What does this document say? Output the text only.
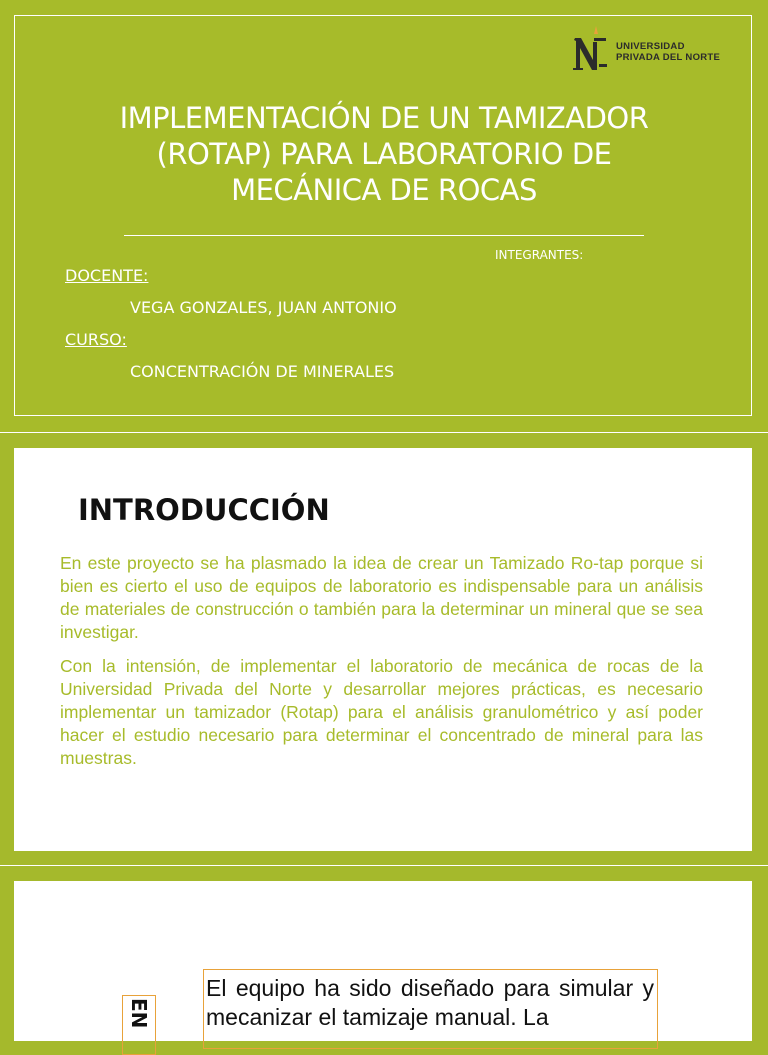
UNIVERSIDAD
PRIVADA DEL NORTE
IMPLEMENTACIÓN DE UN TAMIZADOR
(ROTAP) PARA LABORATORIO DE
MECÁNICA DE ROCAS
INTEGRANTES:
DOCENTE:
VEGA GONZALES, JUAN ANTONIO
CURSO:
CONCENTRACIÓN DE MINERALES
INTRODUCCIÓN

En este proyecto se ha plasmado la idea de crear un Tamizado Ro-tap porque si bien es cierto el uso de equipos de laboratorio es indispensable para un análisis de materiales de construcción o también para la determinar un mineral que se sea investigar.

Con la intensión, de implementar el laboratorio de mecánica de rocas de la Universidad Privada del Norte y desarrollar mejores prácticas, es necesario implementar un tamizador (Rotap) para el análisis granulométrico y así poder hacer el estudio necesario para determinar el concentrado de mineral para las muestras.

EN
El equipo ha sido diseñado para simular y mecanizar el tamizaje manual. La
